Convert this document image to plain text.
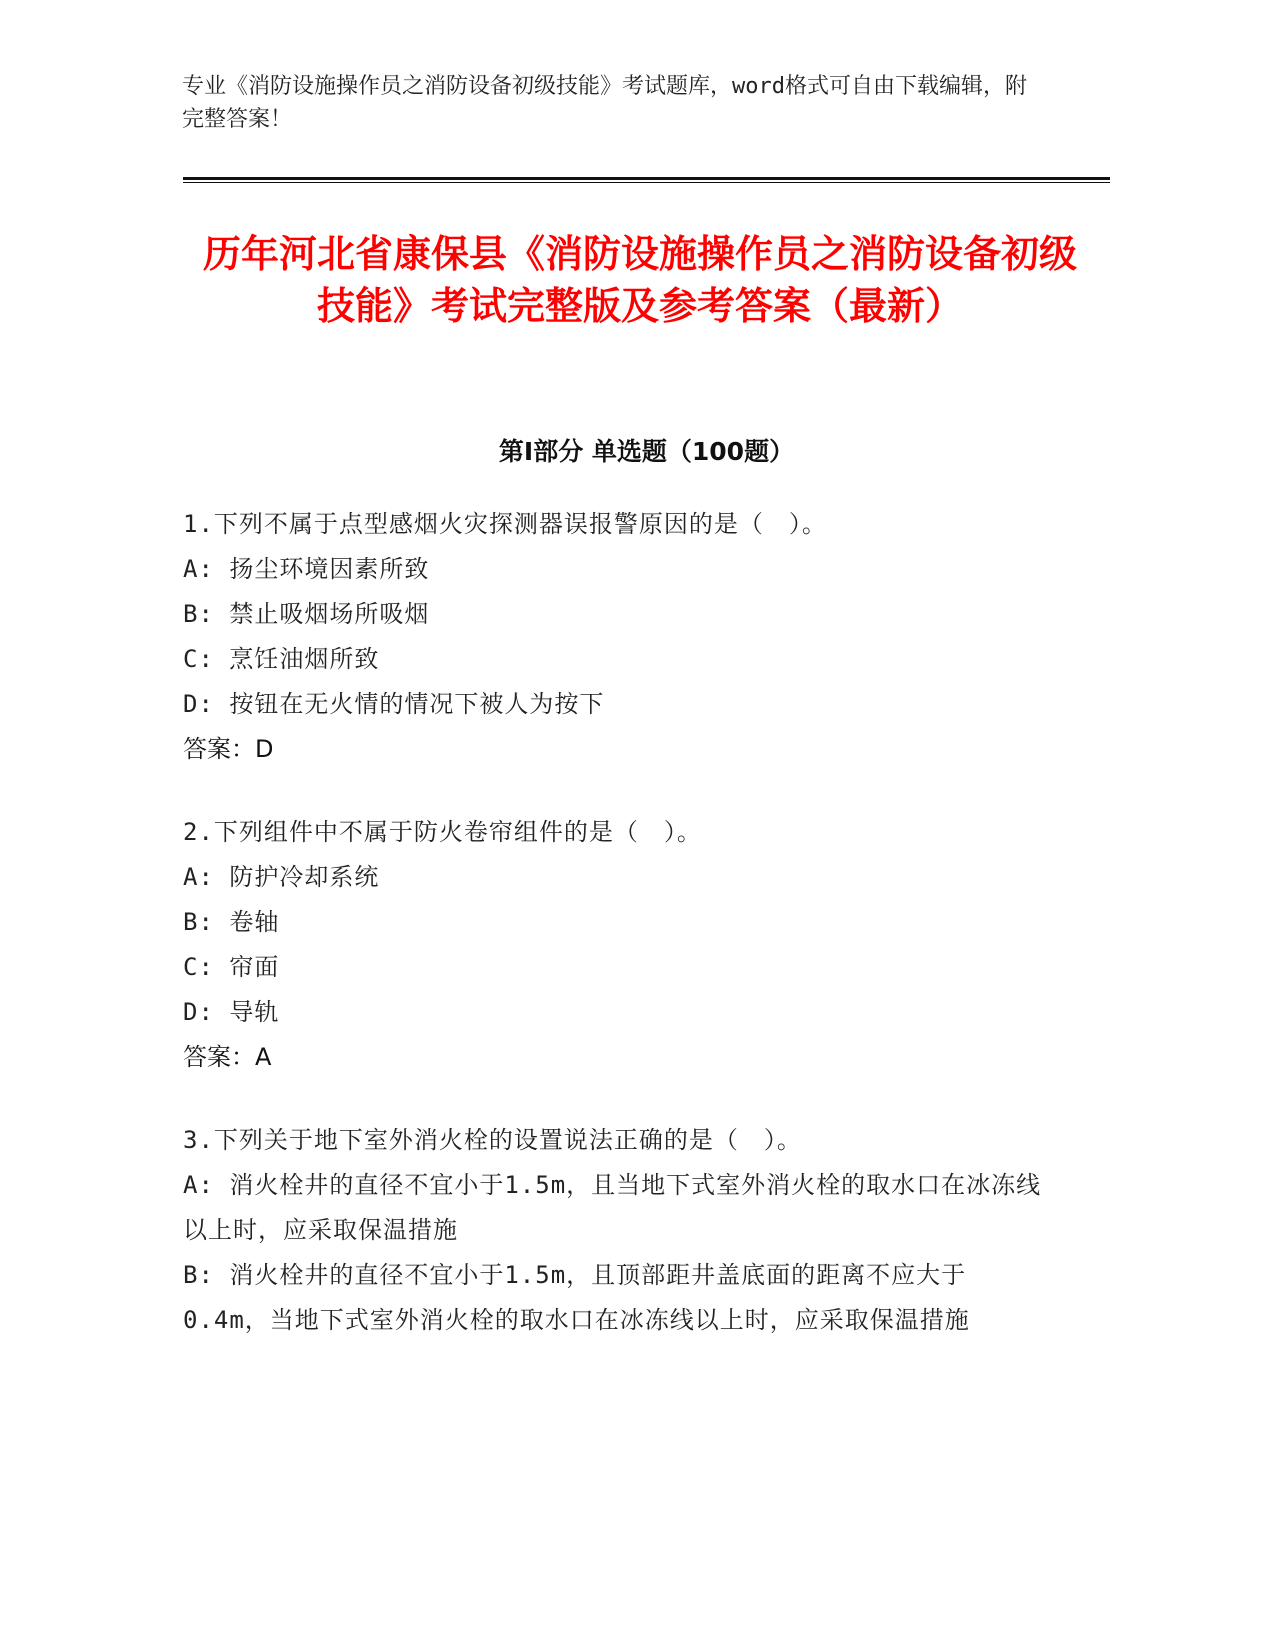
专业《消防设施操作员之消防设备初级技能》考试题库，word格式可自由下载编辑，附完整答案！
历年河北省康保县《消防设施操作员之消防设备初级技能》考试完整版及参考答案（最新）
第Ⅰ部分 单选题（100题）
1.下列不属于点型感烟火灾探测器误报警原因的是（　）。
A: 扬尘环境因素所致
B: 禁止吸烟场所吸烟
C: 烹饪油烟所致
D: 按钮在无火情的情况下被人为按下
答案：D
2.下列组件中不属于防火卷帘组件的是（　）。
A: 防护冷却系统
B: 卷轴
C: 帘面
D: 导轨
答案：A
3.下列关于地下室外消火栓的设置说法正确的是（　）。
A: 消火栓井的直径不宜小于1.5m，且当地下式室外消火栓的取水口在冰冻线以上时，应采取保温措施
B: 消火栓井的直径不宜小于1.5m，且顶部距井盖底面的距离不应大于0.4m，当地下式室外消火栓的取水口在冰冻线以上时，应采取保温措施
